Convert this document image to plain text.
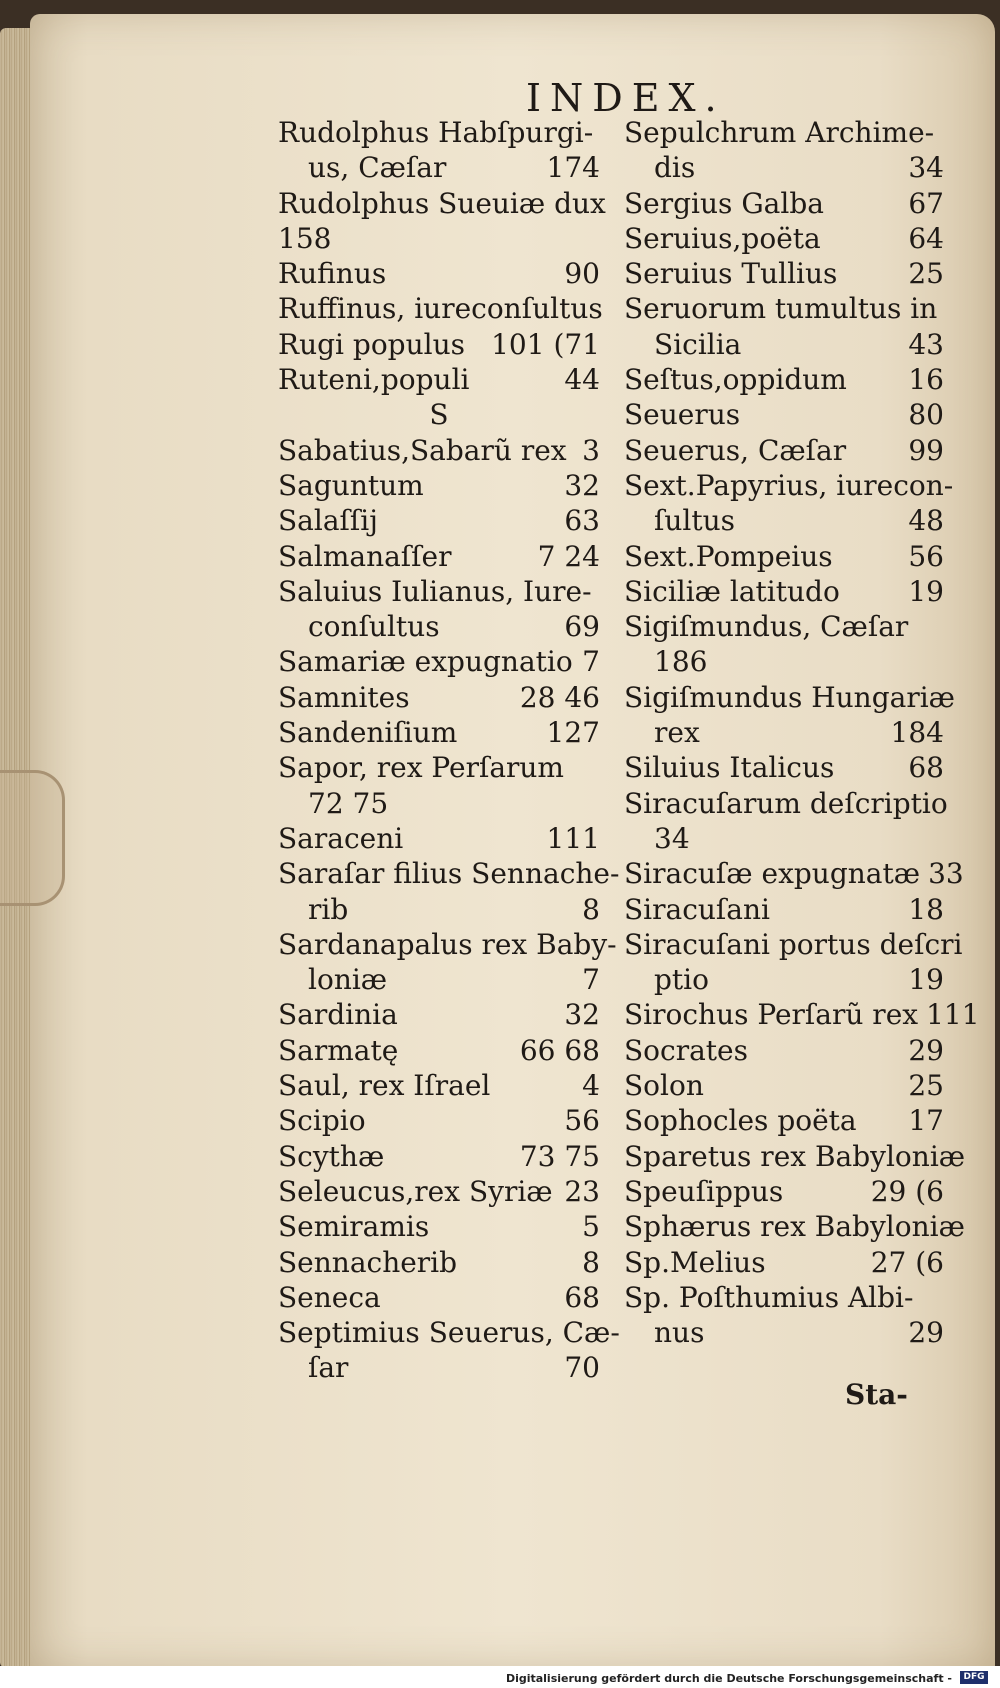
INDEX.
Rudolphus Habſpurgi-
us, Cæſar	174
Rudolphus Sueuiæ dux
158
Rufinus	90
Ruffinus, iureconſultus
Rugi populus 101 (71
Ruteni,populi	44
S
Sabatius,Sabarũ rex 3
Saguntum	32
Salaſſij	63
Salmanaſſer	7 24
Saluius Iulianus, Iure-
conſultus	69
Samariæ expugnatio 7
Samnites	28 46
Sandeniſium	127
Sapor, rex Perſarum
72 75
Saraceni	111
Saraſar filius Sennache-
rib	8
Sardanapalus rex Baby-
loniæ	7
Sardinia	32
Sarmatę	66 68
Saul, rex Iſrael	4
Scipio	56
Scythæ	73 75
Seleucus,rex Syriæ 23
Semiramis	5
Sennacherib	8
Seneca	68
Septimius Seuerus, Cæ-
ſar	70
Sepulchrum Archime-
dis	34
Sergius Galba	67
Seruius,poëta	64
Seruius Tullius	25
Seruorum tumultus in
Sicilia	43
Seſtus,oppidum 16
Seuerus	80
Seuerus, Cæſar 99
Sext.Papyrius, iurecon-
ſultus	48
Sext.Pompeius	56
Siciliæ latitudo 19
Sigiſmundus, Cæſar
186
Sigiſmundus Hungariæ
rex	184
Siluius Italicus	68
Siracuſarum deſcriptio
34
Siracuſæ expugnatæ 33
Siracuſani	18
Siracuſani portus deſcri
ptio	19
Sirochus Perſarũ rex 111
Socrates	29
Solon	25
Sophocles poëta 17
Sparetus rex Babyloniæ
Speuſippus	29 (6
Sphærus rex Babyloniæ
Sp.Melius	27 (6
Sp. Poſthumius Albi-
nus	29
Sta-
Digitalisierung gefördert durch die Deutsche Forschungsgemeinschaft -	DFG
